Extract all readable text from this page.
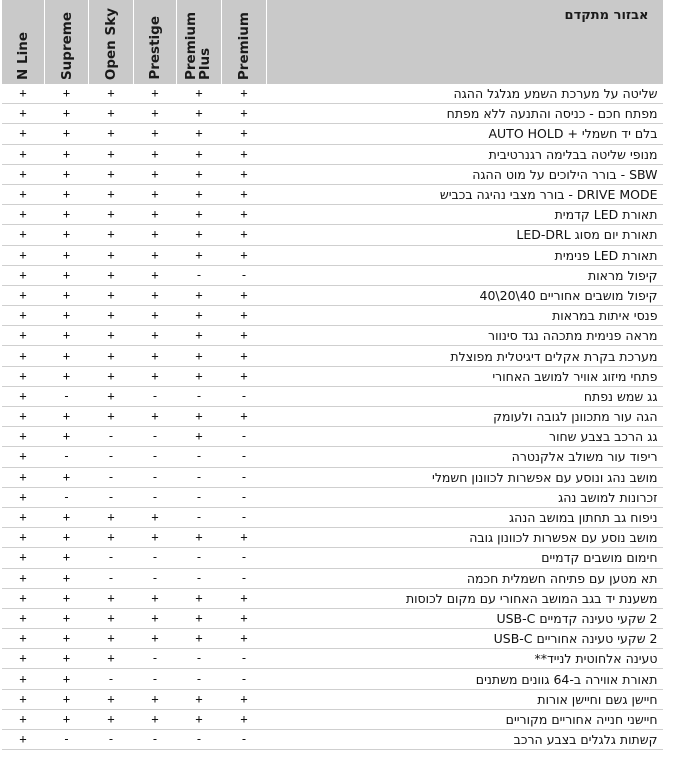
N Line	Supreme	Open Sky	Prestige	Premium Plus	Premium	אבזור מתקדם

+	+	+	+	+	+	שליטה על מערכת השמע מגלגל ההגה
+	+	+	+	+	+	מפתח חכם - כניסה והתנעה ללא מפתח
+	+	+	+	+	+	בלם יד חשמלי + AUTO HOLD
+	+	+	+	+	+	מנופי שליטה בבלימה רגנרטיבית
+	+	+	+	+	+	SBW - בורר הילוכים על מוט ההגה
+	+	+	+	+	+	DRIVE MODE - בורר מצבי נהיגה בכביש
+	+	+	+	+	+	תאורת LED קדמית
+	+	+	+	+	+	תאורת יום מסוג LED-DRL
+	+	+	+	+	+	תאורת LED פנימית
+	+	+	+	-	-	קיפול מראות
+	+	+	+	+	+	קיפול מושבים אחוריים 40\20\40
+	+	+	+	+	+	פנסי איתות במראות
+	+	+	+	+	+	מראה פנימית מתכהה נגד סינוור
+	+	+	+	+	+	מערכת בקרת אקלים דיגיטלית מפוצלת
+	+	+	+	+	+	פתחי מיזוג אוויר למושב האחורי
+	-	+	-	-	-	גג שמש נפתח
+	+	+	+	+	+	הגה עור מתכוונן לגובה ולעומק
+	+	-	-	+	-	גג הרכב בצבע שחור
+	-	-	-	-	-	ריפוד עור משולב אלקנטרה
+	+	-	-	-	-	מושב נהג ונוסע עם אפשרות לכוונון חשמלי
+	-	-	-	-	-	זכרונות למושב נהג
+	+	+	+	-	-	ניפוח גב תחתון במושב הנהג
+	+	+	+	+	+	מושב נוסע עם אפשרות לכוונון גובה
+	+	-	-	-	-	חימום מושבים קדמיים
+	+	-	-	-	-	תא מטען עם פתיחה חשמלית חכמה
+	+	+	+	+	+	משענת יד בגב המושב האחורי עם מקום לכוסות
+	+	+	+	+	+	2 שקעי טעינה קדמיים USB-C
+	+	+	+	+	+	2 שקעי טעינה אחוריים USB-C
+	+	+	-	-	-	טעינה אלחוטית לנייד**
+	+	-	-	-	-	תאורת אווירה ב-64 גוונים משתנים
+	+	+	+	+	+	חיישן גשם וחיישן אורות
+	+	+	+	+	+	חיישני חנייה אחוריים מקוריים
+	-	-	-	-	-	קשתות גלגלים בצבע הרכב
